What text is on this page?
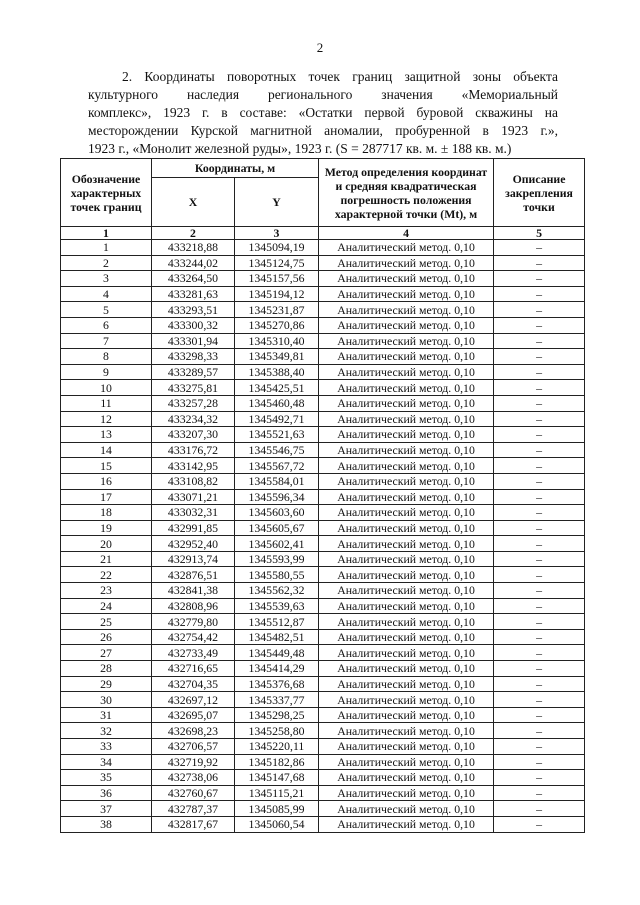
2
2. Координаты поворотных точек границ защитной зоны объекта
культурного наследия регионального значения «Мемориальный
комплекс», 1923 г. в составе: «Остатки первой буровой скважины на
месторождении Курской магнитной аномалии, пробуренной в 1923 г.»,
1923 г., «Монолит железной руды», 1923 г. (S = 287717 кв. м. ± 188 кв. м.)
Обозначение характерных точек границ	Координаты, м		Метод определения координат и средняя квадратическая погрешность положения характерной точки (Mt), м	Описание закрепления точки
	X	Y		
1	2	3	4	5
1	433218,88	1345094,19	Аналитический метод. 0,10	–
2	433244,02	1345124,75	Аналитический метод. 0,10	–
3	433264,50	1345157,56	Аналитический метод. 0,10	–
4	433281,63	1345194,12	Аналитический метод. 0,10	–
5	433293,51	1345231,87	Аналитический метод. 0,10	–
6	433300,32	1345270,86	Аналитический метод. 0,10	–
7	433301,94	1345310,40	Аналитический метод. 0,10	–
8	433298,33	1345349,81	Аналитический метод. 0,10	–
9	433289,57	1345388,40	Аналитический метод. 0,10	–
10	433275,81	1345425,51	Аналитический метод. 0,10	–
11	433257,28	1345460,48	Аналитический метод. 0,10	–
12	433234,32	1345492,71	Аналитический метод. 0,10	–
13	433207,30	1345521,63	Аналитический метод. 0,10	–
14	433176,72	1345546,75	Аналитический метод. 0,10	–
15	433142,95	1345567,72	Аналитический метод. 0,10	–
16	433108,82	1345584,01	Аналитический метод. 0,10	–
17	433071,21	1345596,34	Аналитический метод. 0,10	–
18	433032,31	1345603,60	Аналитический метод. 0,10	–
19	432991,85	1345605,67	Аналитический метод. 0,10	–
20	432952,40	1345602,41	Аналитический метод. 0,10	–
21	432913,74	1345593,99	Аналитический метод. 0,10	–
22	432876,51	1345580,55	Аналитический метод. 0,10	–
23	432841,38	1345562,32	Аналитический метод. 0,10	–
24	432808,96	1345539,63	Аналитический метод. 0,10	–
25	432779,80	1345512,87	Аналитический метод. 0,10	–
26	432754,42	1345482,51	Аналитический метод. 0,10	–
27	432733,49	1345449,48	Аналитический метод. 0,10	–
28	432716,65	1345414,29	Аналитический метод. 0,10	–
29	432704,35	1345376,68	Аналитический метод. 0,10	–
30	432697,12	1345337,77	Аналитический метод. 0,10	–
31	432695,07	1345298,25	Аналитический метод. 0,10	–
32	432698,23	1345258,80	Аналитический метод. 0,10	–
33	432706,57	1345220,11	Аналитический метод. 0,10	–
34	432719,92	1345182,86	Аналитический метод. 0,10	–
35	432738,06	1345147,68	Аналитический метод. 0,10	–
36	432760,67	1345115,21	Аналитический метод. 0,10	–
37	432787,37	1345085,99	Аналитический метод. 0,10	–
38	432817,67	1345060,54	Аналитический метод. 0,10	–
